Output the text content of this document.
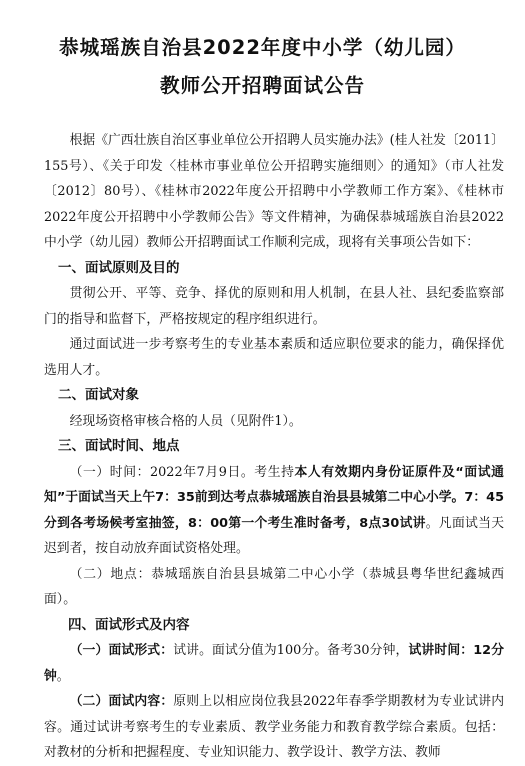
恭城瑶族自治县2022年度中小学（幼儿园）
教师公开招聘面试公告

根据《广西壮族自治区事业单位公开招聘人员实施办法》(桂人社发〔2011〕155号）、《关于印发〈桂林市事业单位公开招聘实施细则〉的通知》（市人社发〔2012〕80号）、《桂林市2022年度公开招聘中小学教师工作方案》、《桂林市2022年度公开招聘中小学教师公告》等文件精神，为确保恭城瑶族自治县2022中小学（幼儿园）教师公开招聘面试工作顺利完成，现将有关事项公告如下：

一、面试原则及目的

贯彻公开、平等、竞争、择优的原则和用人机制，在县人社、县纪委监察部门的指导和监督下，严格按规定的程序组织进行。

通过面试进一步考察考生的专业基本素质和适应职位要求的能力，确保择优选用人才。

二、面试对象

经现场资格审核合格的人员（见附件1）。

三、面试时间、地点

（一）时间：2022年7月9日。考生持本人有效期内身份证原件及“面试通知”于面试当天上午7：35前到达考点恭城瑶族自治县县城第二中心小学。7：45分到各考场候考室抽签，8：00第一个考生准时备考，8点30试讲。凡面试当天迟到者，按自动放弃面试资格处理。

（二）地点：恭城瑶族自治县县城第二中心小学（恭城县粤华世纪鑫城西面）。

四、面试形式及内容

（一）面试形式：试讲。面试分值为100分。备考30分钟，试讲时间：12分钟。

（二）面试内容：原则上以相应岗位我县2022年春季学期教材为专业试讲内容。通过试讲考察考生的专业素质、教学业务能力和教育教学综合素质。包括：对教材的分析和把握程度、专业知识能力、教学设计、教学方法、教师
